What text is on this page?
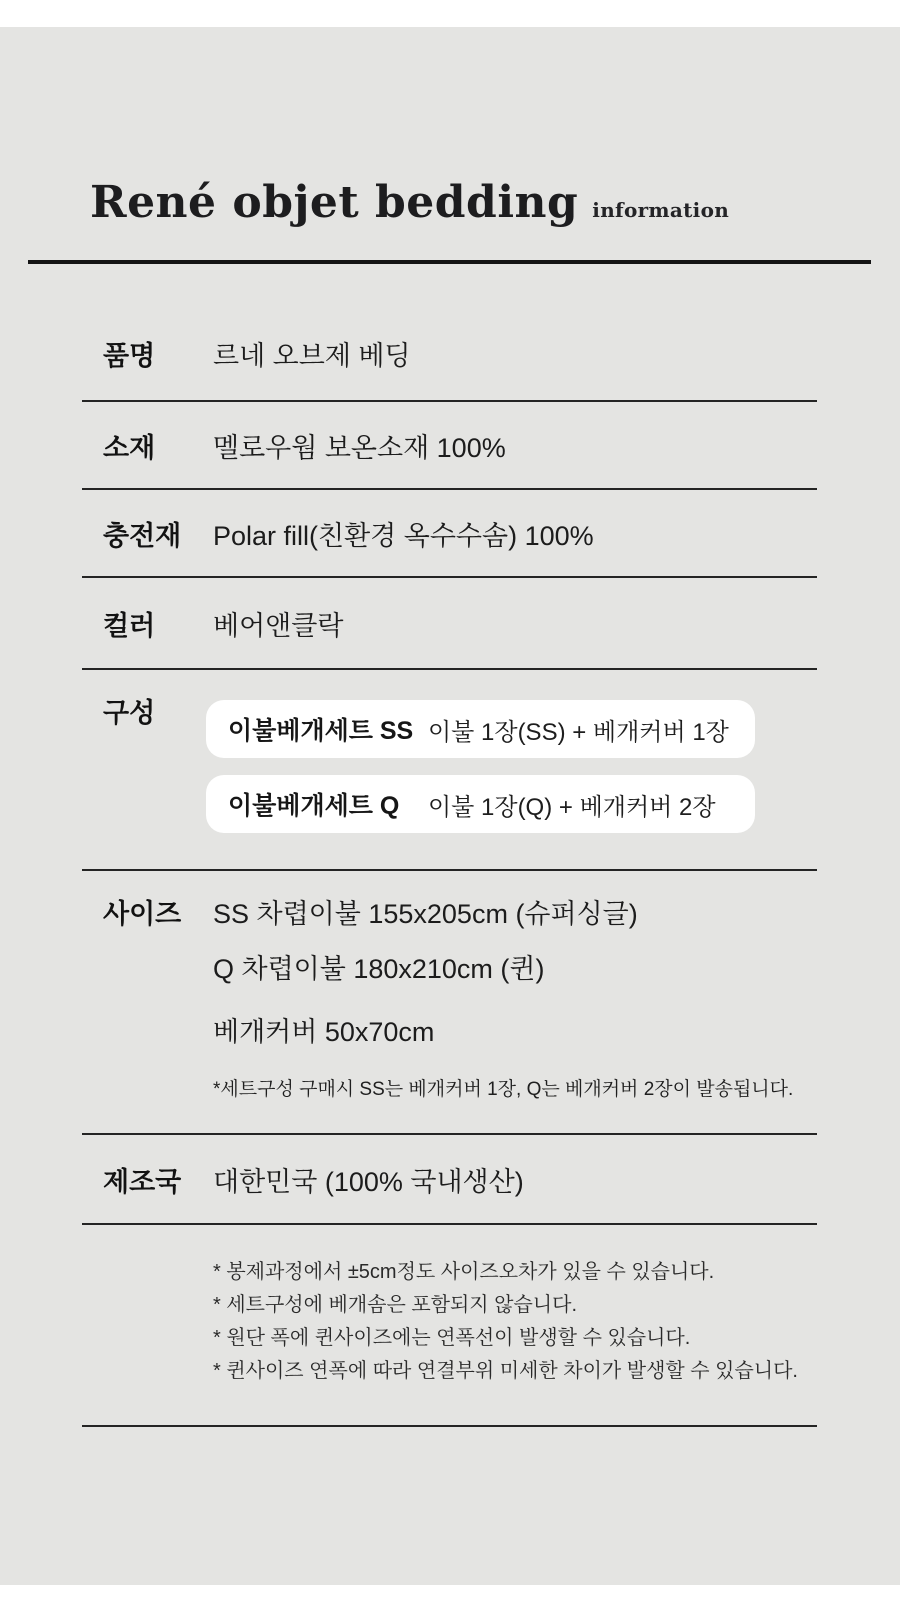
René objet bedding information
품명	르네 오브제 베딩
소재	멜로우웜 보온소재 100%
충전재	Polar fill(친환경 옥수수솜) 100%
컬러	베어앤클락
구성
이불베개세트 SS 이불 1장(SS) + 베개커버 1장
이불베개세트 Q	이불 1장(Q) + 베개커버 2장
사이즈	SS 차렵이불 155x205cm (슈퍼싱글)
Q 차렵이불 180x210cm (퀸)
베개커버 50x70cm
*세트구성 구매시 SS는 베개커버 1장, Q는 베개커버 2장이 발송됩니다.
제조국	대한민국 (100% 국내생산)
* 봉제과정에서 ±5cm정도 사이즈오차가 있을 수 있습니다.
* 세트구성에 베개솜은 포함되지 않습니다.
* 원단 폭에 퀸사이즈에는 연폭선이 발생할 수 있습니다.
* 퀸사이즈 연폭에 따라 연결부위 미세한 차이가 발생할 수 있습니다.
